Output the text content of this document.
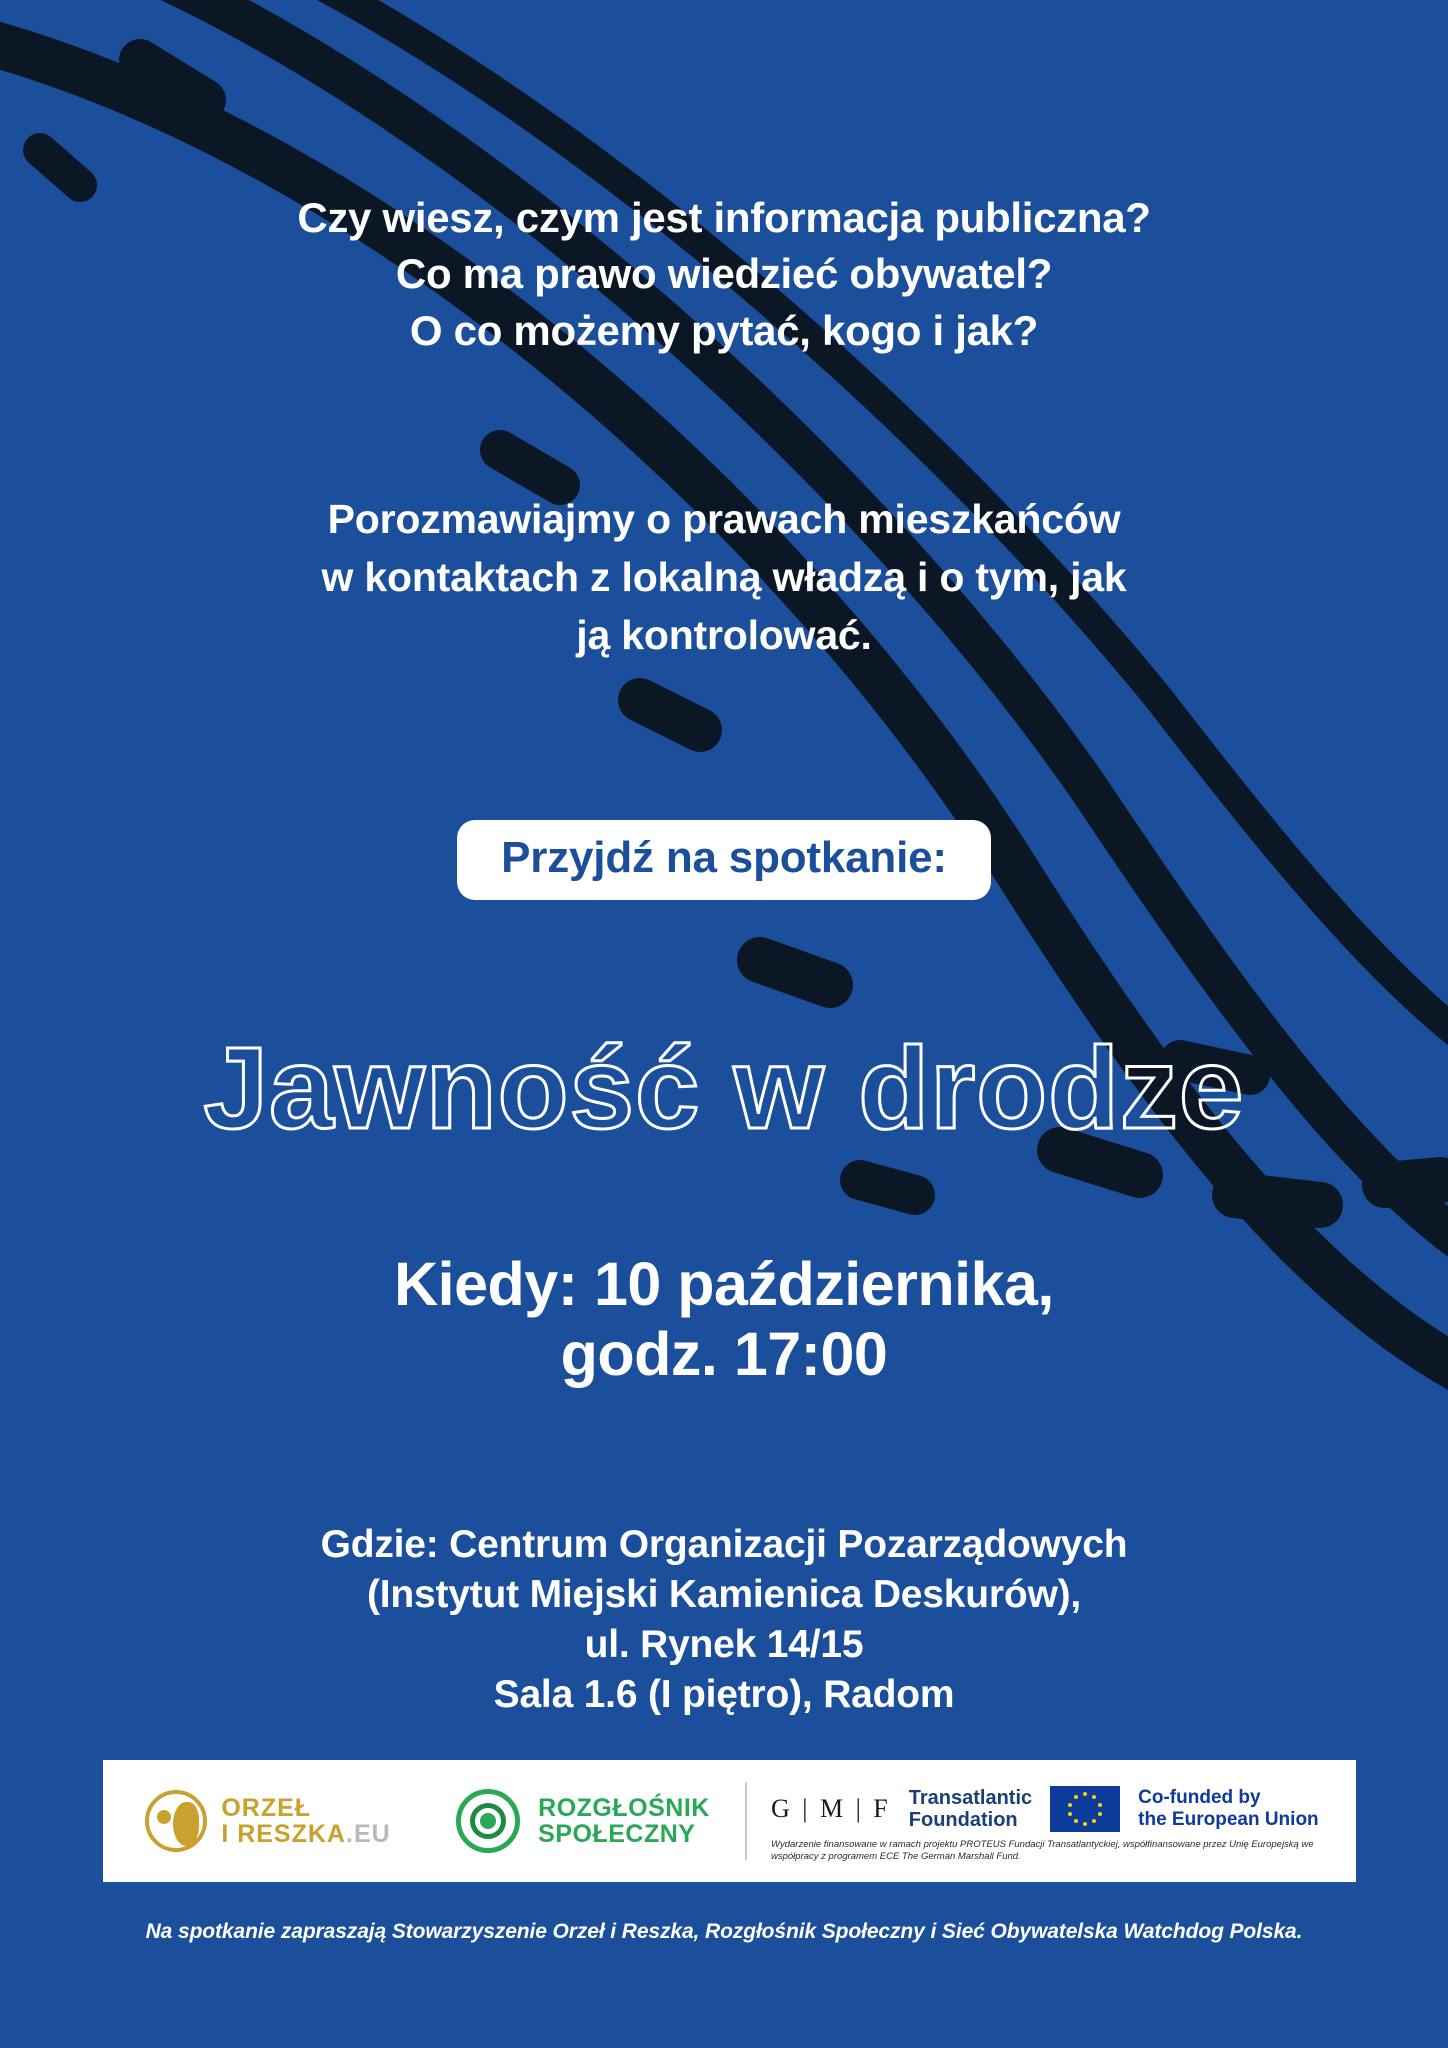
Czy wiesz, czym jest informacja publiczna?
Co ma prawo wiedzieć obywatel?
O co możemy pytać, kogo i jak?
Porozmawiajmy o prawach mieszkańców
w kontaktach z lokalną władzą i o tym, jak
ją kontrolować.
Przyjdź na spotkanie:
Jawność w drodze
Kiedy: 10 października,
godz. 17:00
Gdzie: Centrum Organizacji Pozarządowych
(Instytut Miejski Kamienica Deskurów),
ul. Rynek 14/15
Sala 1.6 (I piętro), Radom
ORZEŁ
I RESZKA.EU
ROZGŁOŚNIK
SPOŁECZNY
G | M | F Transatlantic
Foundation
Co-funded by
the European Union
Wydarzenie finansowane w ramach projektu PROTEUS Fundacji Transatlantyckiej, współfinansowane przez Unię Europejską we współpracy z programem ECE The German Marshall Fund.
Na spotkanie zapraszają Stowarzyszenie Orzeł i Reszka, Rozgłośnik Społeczny i Sieć Obywatelska Watchdog Polska.
